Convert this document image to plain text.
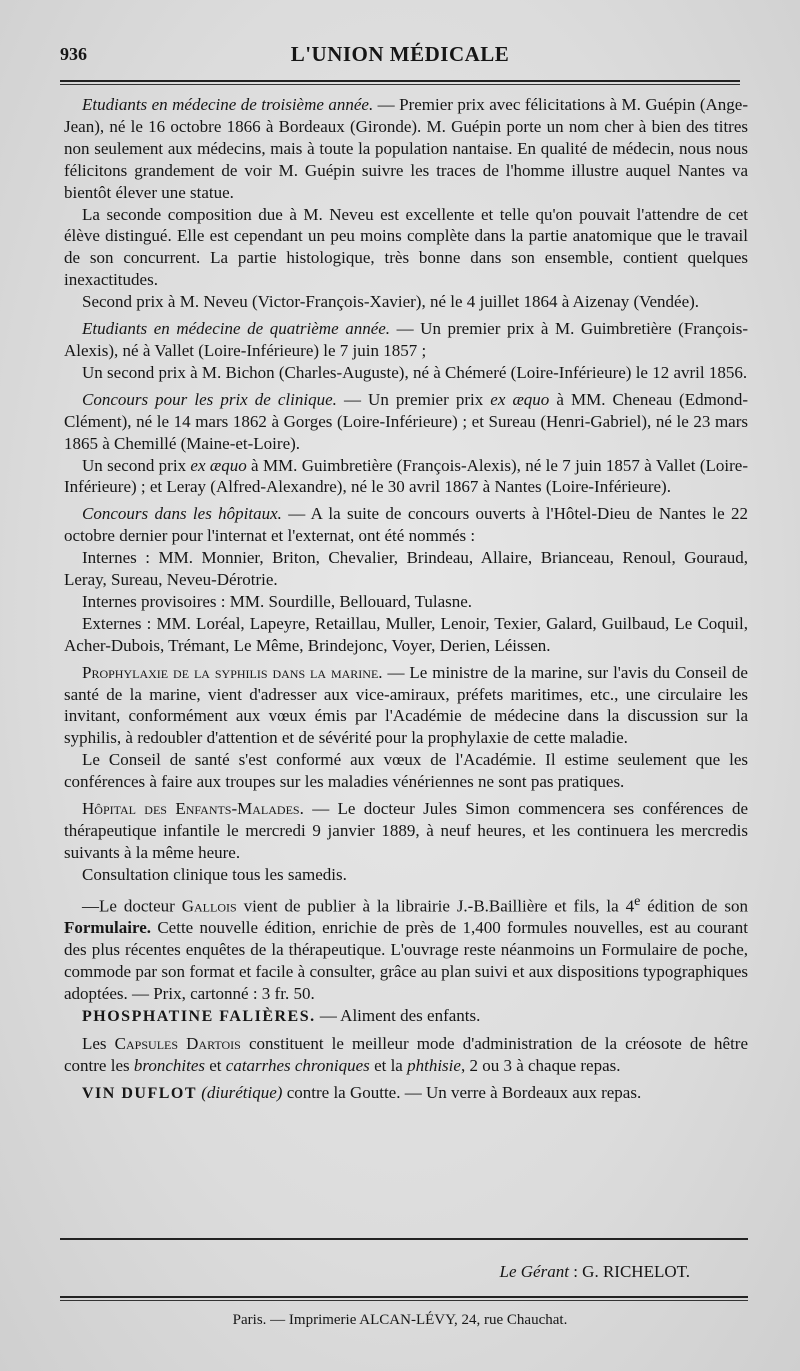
936	L'UNION MÉDICALE

Etudiants en médecine de troisième année. — Premier prix avec félicitations à M. Guépin (Ange-Jean), né le 16 octobre 1866 à Bordeaux (Gironde). M. Guépin porte un nom cher à bien des titres non seulement aux médecins, mais à toute la population nantaise. En qualité de médecin, nous nous félicitons grandement de voir M. Guépin suivre les traces de l'homme illustre auquel Nantes va bientôt élever une statue.

La seconde composition due à M. Neveu est excellente et telle qu'on pouvait l'attendre de cet élève distingué. Elle est cependant un peu moins complète dans la partie anatomique que le travail de son concurrent. La partie histologique, très bonne dans son ensemble, contient quelques inexactitudes.

Second prix à M. Neveu (Victor-François-Xavier), né le 4 juillet 1864 à Aizenay (Vendée).

Etudiants en médecine de quatrième année. — Un premier prix à M. Guimbretière (François-Alexis), né à Vallet (Loire-Inférieure) le 7 juin 1857 ;

Un second prix à M. Bichon (Charles-Auguste), né à Chémeré (Loire-Inférieure) le 12 avril 1856.

Concours pour les prix de clinique. — Un premier prix ex æquo à MM. Cheneau (Edmond-Clément), né le 14 mars 1862 à Gorges (Loire-Inférieure) ; et Sureau (Henri-Gabriel), né le 23 mars 1865 à Chemillé (Maine-et-Loire).

Un second prix ex æquo à MM. Guimbretière (François-Alexis), né le 7 juin 1857 à Vallet (Loire-Inférieure) ; et Leray (Alfred-Alexandre), né le 30 avril 1867 à Nantes (Loire-Inférieure).

Concours dans les hôpitaux. — A la suite de concours ouverts à l'Hôtel-Dieu de Nantes le 22 octobre dernier pour l'internat et l'externat, ont été nommés :

Internes : MM. Monnier, Briton, Chevalier, Brindeau, Allaire, Brianceau, Renoul, Gouraud, Leray, Sureau, Neveu-Dérotrie.

Internes provisoires : MM. Sourdille, Bellouard, Tulasne.

Externes : MM. Loréal, Lapeyre, Retaillau, Muller, Lenoir, Texier, Galard, Guilbaud, Le Coquil, Acher-Dubois, Trémant, Le Même, Brindejonc, Voyer, Derien, Léissen.

Prophylaxie de la syphilis dans la marine. — Le ministre de la marine, sur l'avis du Conseil de santé de la marine, vient d'adresser aux vice-amiraux, préfets maritimes, etc., une circulaire les invitant, conformément aux vœux émis par l'Académie de médecine dans la discussion sur la syphilis, à redoubler d'attention et de sévérité pour la prophylaxie de cette maladie.

Le Conseil de santé s'est conformé aux vœux de l'Académie. Il estime seulement que les conférences à faire aux troupes sur les maladies vénériennes ne sont pas pratiques.

Hôpital des Enfants-Malades. — Le docteur Jules Simon commencera ses conférences de thérapeutique infantile le mercredi 9 janvier 1889, à neuf heures, et les continuera les mercredis suivants à la même heure.

Consultation clinique tous les samedis.

—Le docteur Gallois vient de publier à la librairie J.-B.Baillière et fils, la 4e édition de son Formulaire. Cette nouvelle édition, enrichie de près de 1,400 formules nouvelles, est au courant des plus récentes enquêtes de la thérapeutique. L'ouvrage reste néanmoins un Formulaire de poche, commode par son format et facile à consulter, grâce au plan suivi et aux dispositions typographiques adoptées. — Prix, cartonné : 3 fr. 50.

PHOSPHATINE FALIÈRES. — Aliment des enfants.

Les Capsules Dartois constituent le meilleur mode d'administration de la créosote de hêtre contre les bronchites et catarrhes chroniques et la phthisie, 2 ou 3 à chaque repas.

VIN DUFLOT (diurétique) contre la Goutte. — Un verre à Bordeaux aux repas.

Le Gérant : G. RICHELOT.
Paris. — Imprimerie ALCAN-LÉVY, 24, rue Chauchat.
